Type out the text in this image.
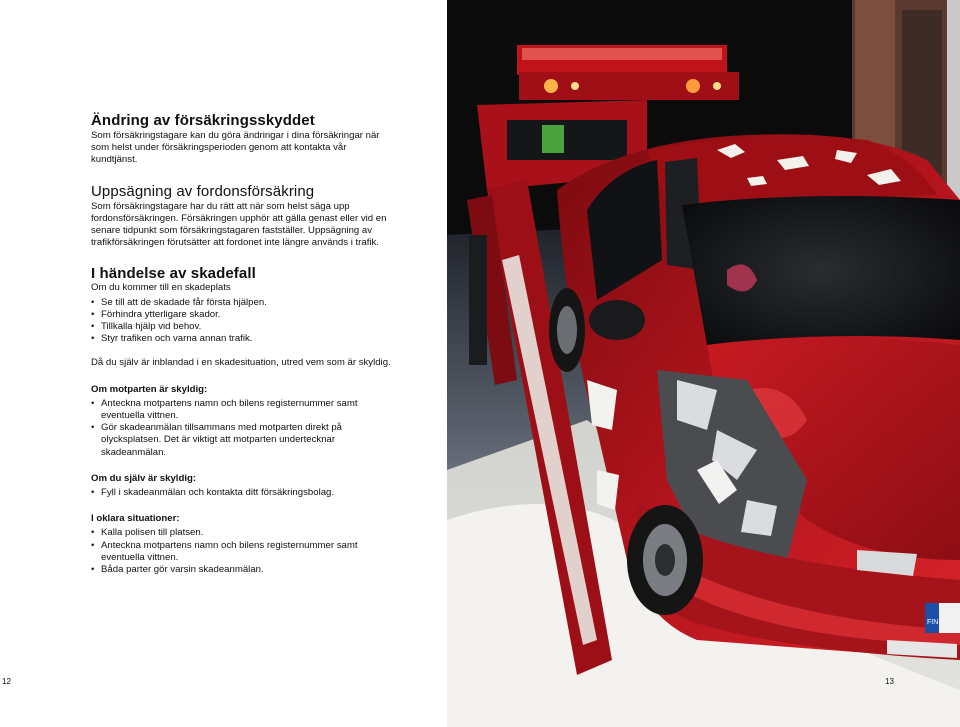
Ändring av försäkringsskyddet

Som försäkringstagare kan du göra ändringar i dina försäkringar när som helst under försäkringsperioden genom att kontakta vår kundtjänst.

Uppsägning av fordonsförsäkring

Som försäkringstagare har du rätt att när som helst säga upp fordonsförsäkringen. Försäkringen upphör att gälla genast eller vid en senare tidpunkt som försäkringstagaren fastställer. Uppsägning av trafikförsäkringen förutsätter att fordonet inte längre används i trafik.

I händelse av skadefall

Om du kommer till en skadeplats

• Se till att de skadade får första hjälpen.
• Förhindra ytterligare skador.
• Tillkalla hjälp vid behov.
• Styr trafiken och varna annan trafik.

Då du själv är inblandad i en skadesituation, utred vem som är skyldig.

Om motparten är skyldig:
• Anteckna motpartens namn och bilens registernummer samt eventuella vittnen.
• Gör skadeanmälan tillsammans med motparten direkt på olycksplatsen. Det är viktigt att motparten undertecknar skadeanmälan.
Om du själv är skyldig:
• Fyll i skadeanmälan och kontakta ditt försäkringsbolag.
I oklara situationer:
• Kalla polisen till platsen.
• Anteckna motpartens namn och bilens registernummer samt eventuella vittnen.
• Båda parter gör varsin skadeanmälan.
12
FIN
13
